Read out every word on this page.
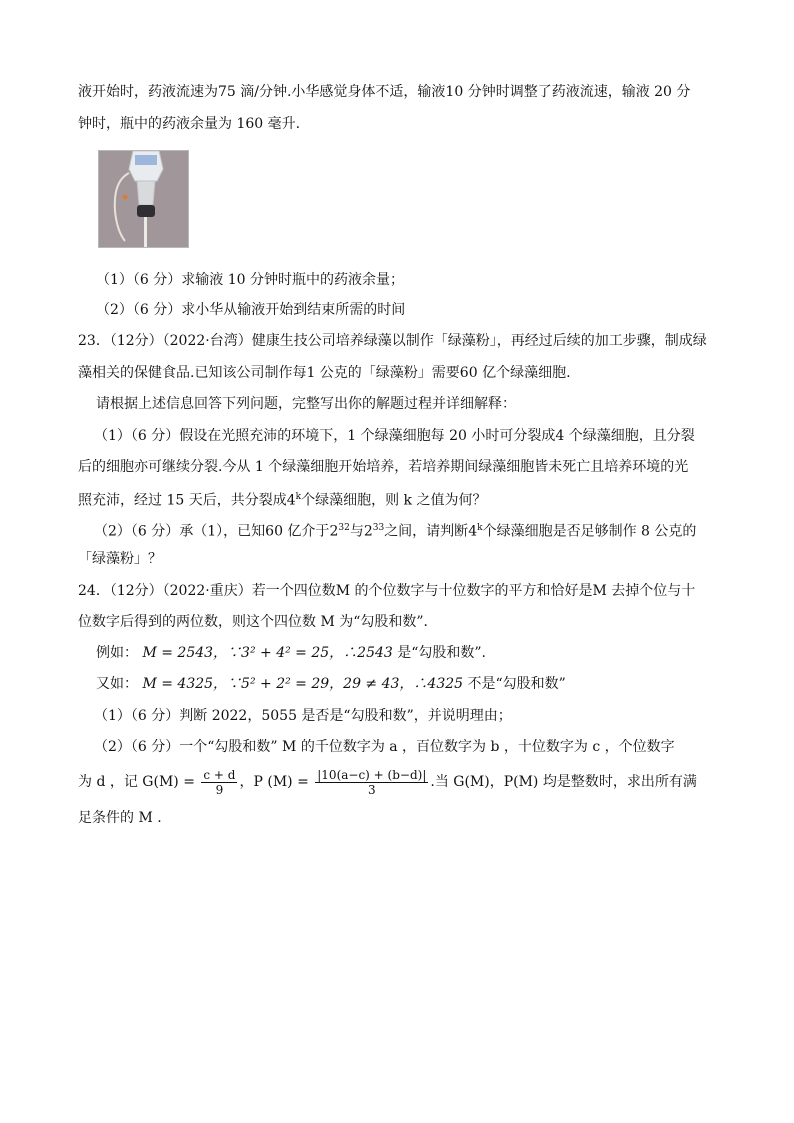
液开始时，药液流速为75 滴/分钟.小华感觉身体不适，输液10 分钟时调整了药液流速，输液 20 分
钟时，瓶中的药液余量为 160 毫升.
（1）（6 分）求输液 10 分钟时瓶中的药液余量；
（2）（6 分）求小华从输液开始到结束所需的时间
23．（12分）（2022·台湾）健康生技公司培养绿藻以制作「绿藻粉」，再经过后续的加工步骤，制成绿
藻相关的保健食品.已知该公司制作每1 公克的「绿藻粉」需要60 亿个绿藻细胞.
请根据上述信息回答下列问题，完整写出你的解题过程并详细解释：
（1）（6 分）假设在光照充沛的环境下，1 个绿藻细胞每 20 小时可分裂成4 个绿藻细胞，且分裂
后的细胞亦可继续分裂.今从 1 个绿藻细胞开始培养，若培养期间绿藻细胞皆未死亡且培养环境的光
照充沛，经过 15 天后，共分裂成4$^k$个绿藻细胞，则 k 之值为何？
（2）（6 分）承（1），已知60 亿介于$2^{32}$与$2^{33}$之间，请判断4$^k$个绿藻细胞是否足够制作 8 公克的
「绿藻粉」？
24．（12分）（2022·重庆）若一个四位数M 的个位数字与十位数字的平方和恰好是M 去掉个位与十
位数字后得到的两位数，则这个四位数 M 为“勾股和数”．
例如： M = 2543，∵3² + 4² = 25，∴2543 是“勾股和数”.
又如： M = 4325，∵5² + 2² = 29，29 ≠ 43，∴4325 不是“勾股和数”
（1）（6 分）判断 2022，5055 是否是“勾股和数”，并说明理由；
（2）（6 分）一个“勾股和数” M 的千位数字为 a ，百位数字为 b ，十位数字为 c ，个位数字
为 d ，记 $G(M) = \frac{c + d}{9}$ ，P $(M) = \frac{|10(a-c) + (b-d)|}{3}$ .当 G(M)，P(M) 均是整数时，求出所有满
足条件的 M .
